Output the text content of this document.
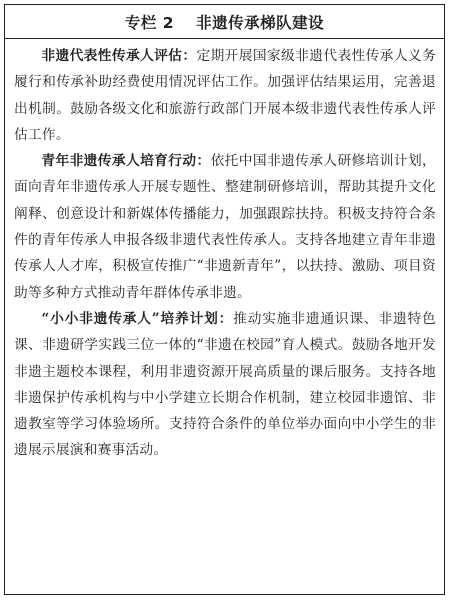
专栏 2 非遗传承梯队建设

非遗代表性传承人评估：定期开展国家级非遗代表性传承人义务履行和传承补助经费使用情况评估工作。加强评估结果运用，完善退出机制。鼓励各级文化和旅游行政部门开展本级非遗代表性传承人评估工作。

青年非遗传承人培育行动：依托中国非遗传承人研修培训计划，面向青年非遗传承人开展专题性、整建制研修培训，帮助其提升文化阐释、创意设计和新媒体传播能力，加强跟踪扶持。积极支持符合条件的青年传承人申报各级非遗代表性传承人。支持各地建立青年非遗传承人人才库，积极宣传推广“非遗新青年”，以扶持、激励、项目资助等多种方式推动青年群体传承非遗。

“小小非遗传承人”培养计划：推动实施非遗通识课、非遗特色课、非遗研学实践三位一体的“非遗在校园”育人模式。鼓励各地开发非遗主题校本课程，利用非遗资源开展高质量的课后服务。支持各地非遗保护传承机构与中小学建立长期合作机制，建立校园非遗馆、非遗教室等学习体验场所。支持符合条件的单位举办面向中小学生的非遗展示展演和赛事活动。
